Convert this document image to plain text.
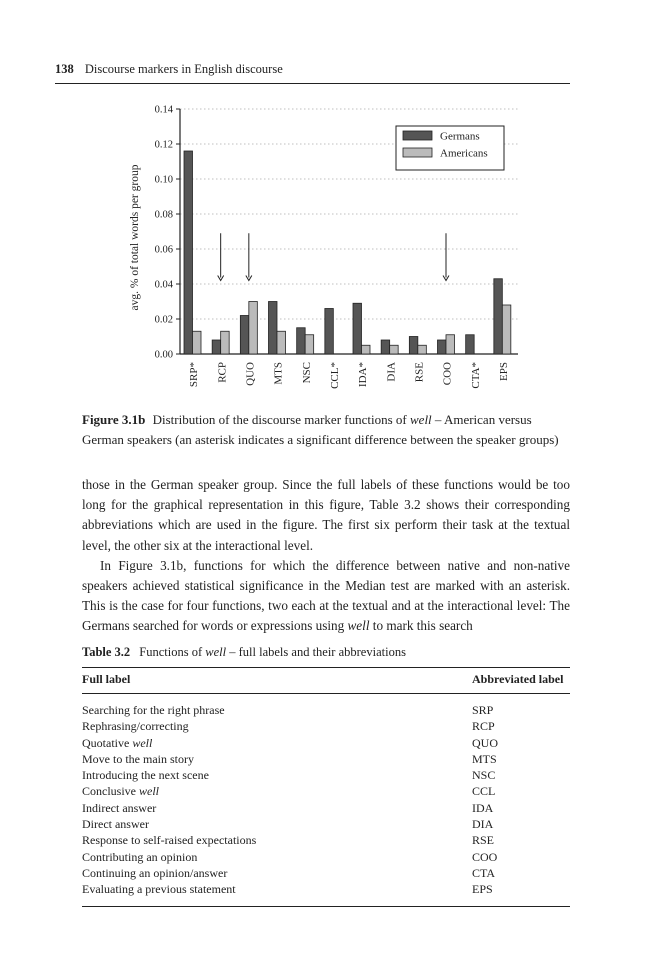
138 Discourse markers in English discourse
0.00
0.02
0.04
0.06
0.08
0.10
0.12
0.14
SRP* RCP QUO MTS NSC CCL* IDA* DIA RSE COO CTA* EPS
avg. % of total words per group
Germans
Americans
Figure 3.1b Distribution of the discourse marker functions of well – American versus German speakers (an asterisk indicates a significant difference between the speaker groups)

those in the German speaker group. Since the full labels of these functions would be too long for the graphical representation in this figure, Table 3.2 shows their corresponding abbreviations which are used in the figure. The first six perform their task at the textual level, the other six at the interactional level.

In Figure 3.1b, functions for which the difference between native and non-native speakers achieved statistical significance in the Median test are marked with an asterisk. This is the case for four functions, two each at the textual and at the interactional level: The Germans searched for words or expressions using well to mark this search

Table 3.2 Functions of well – full labels and their abbreviations
Full label	Abbreviated label
Searching for the right phrase	SRP
Rephrasing/correcting	RCP
Quotative well	QUO
Move to the main story	MTS
Introducing the next scene	NSC
Conclusive well	CCL
Indirect answer	IDA
Direct answer	DIA
Response to self-raised expectations	RSE
Contributing an opinion	COO
Continuing an opinion/answer	CTA
Evaluating a previous statement	EPS
